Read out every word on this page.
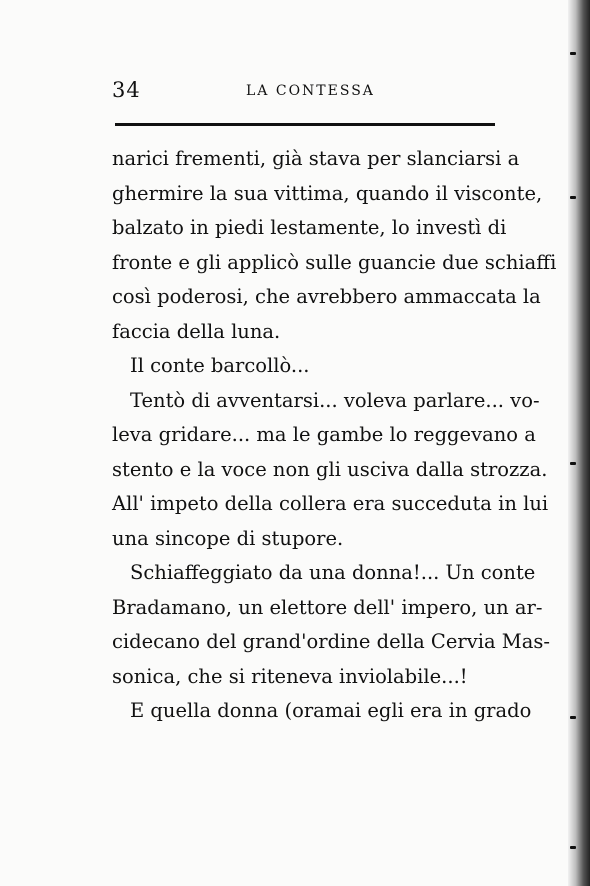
34	LA CONTESSA
narici frementi, già stava per slanciarsi a
ghermire la sua vittima, quando il visconte,
balzato in piedi lestamente, lo investì di
fronte e gli applicò sulle guancie due schiaffi
così poderosi, che avrebbero ammaccata la
faccia della luna.
Il conte barcollò...
Tentò di avventarsi... voleva parlare... vo-
leva gridare... ma le gambe lo reggevano a
stento e la voce non gli usciva dalla strozza.
All' impeto della collera era succeduta in lui
una sincope di stupore.
Schiaffeggiato da una donna!... Un conte
Bradamano, un elettore dell' impero, un ar-
cidecano del grand'ordine della Cervia Mas-
sonica, che si riteneva inviolabile...!
E quella donna (oramai egli era in grado
